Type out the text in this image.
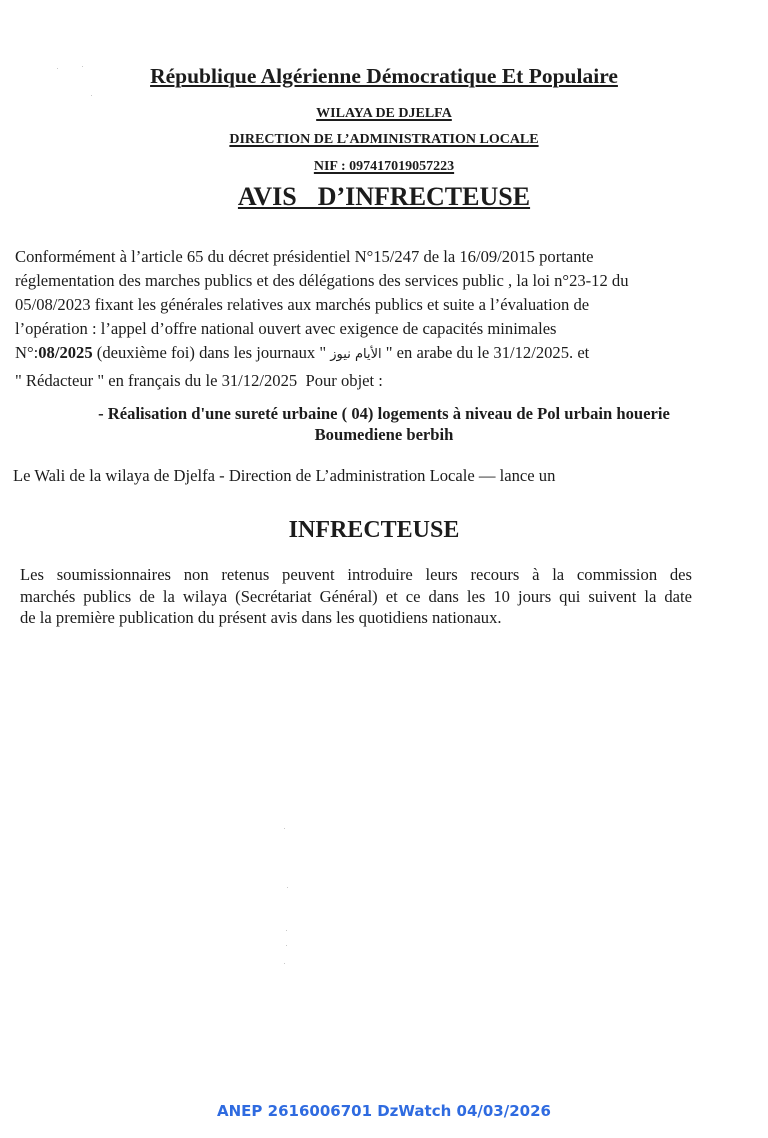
République Algérienne Démocratique Et Populaire
WILAYA DE DJELFA
DIRECTION DE L’ADMINISTRATION LOCALE
NIF : 097417019057223
AVIS  D’INFRECTEUSE
Conformément à l’article 65 du décret présidentiel N°15/247 de la 16/09/2015 portante
réglementation des marches publics et des délégations des services public , la loi n°23-12 du
05/08/2023 fixant les générales relatives aux marchés publics et suite a l’évaluation de
l’opération : l’appel d’offre national ouvert avec exigence de capacités minimales
N°:08/2025 (deuxième foi) dans les journaux " الأيام نيوز " en arabe du le 31/12/2025. et
" Rédacteur " en français du le 31/12/2025  Pour objet :
- Réalisation d'une sureté urbaine ( 04) logements à niveau de Pol urbain houerie
Boumediene berbih
Le Wali de la wilaya de Djelfa - Direction de L’administration Locale — lance un
INFRECTEUSE
Les soumissionnaires non retenus peuvent introduire leurs recours à la commission des
marchés publics de la wilaya (Secrétariat Général) et ce dans les 10 jours qui suivent la date
de la première publication du présent avis dans les quotidiens nationaux.
ANEP 2616006701 DzWatch 04/03/2026
